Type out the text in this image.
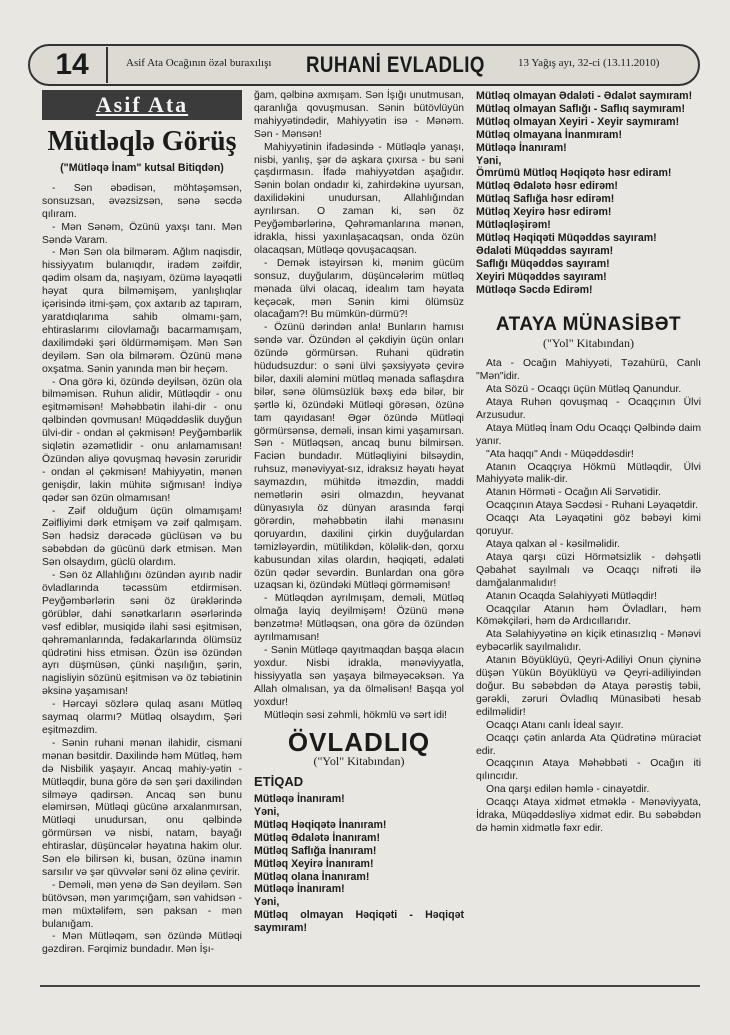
14	Asif Ata Ocağının özəl buraxılışı RUHANİ EVLADLIQ	13 Yağış ayı, 32-ci (13.11.2010)
Asif Ata
Mütləqlə Görüş
("Mütləqə İnam" kutsal Bitiqdən)

- Sən əbədisən, möhtəşəmsən, sonsuzsan, əvəzsizsən, sənə səcdə qılıram.

- Mən Sənəm, Özünü yaxşı tanı. Mən Səndə Varam.

- Mən Sən ola bilmərəm. Ağlım naqisdir, hissiyyatım bulanıqdır, iradəm zəifdir, qədim olsam da, naşıyam, özümə layəqətli həyat qura bilməmişəm, yanlışlıqlar içərisində itmi-şəm, çox axtarıb az tapıram, yaratdıqlarıma sahib olmamı-şam, ehtiraslarımı cilovlamağı bacarmamışam, daxilimdəki şəri öldürməmişəm. Mən Sən deyiləm. Sən ola bilmərəm. Özünü mənə oxşatma. Sənin yanında mən bir heçəm.

- Ona görə ki, özündə deyilsən, özün ola bilməmisən. Ruhun alidir, Mütləqdir - onu eşitməmisən! Məhəbbətin ilahi-dir - onu qəlbindən qovmusan! Müqəddəslik duyğun ülvi-dir - ondan əl çəkmisən! Peyğəmbərlik siqlətin əzəmətlidir - onu anlamamısan! Özündən aliyə qovuşmaq həvəsin zəruridir - ondan əl çəkmisən! Mahiyyətin, mənən genişdir, lakin mühitə sığmısan! İndiyə qədər sən özün olmamısan!

- Zəif olduğum üçün olmamışam! Zəifliyimi dərk etmişəm və zəif qalmışam. Sən hədsiz dərəcədə güclüsən və bu səbəbdən də gücünü dərk etmisən. Mən Sən olsaydım, güclü olardım.

- Sən öz Allahlığını özündən ayırıb nadir övladlarında təcəssüm etdirmisən. Peyğəmbərlərin səni öz ürəklərində görüblər, dahi sənətkarların əsərlərində vəsf ediblər, musiqidə ilahi səsi eşitmisən, qəhrəmanlarında, fədakarlarında ölümsüz qüdrətini hiss etmisən. Özün isə özündən ayrı düşmüsən, çünki naşılığın, şərin, nagisliyin sözünü eşitmisən və öz təbiətinin əksinə yaşamısan!

- Hərcayi sözlərə qulaq asanı Mütləq saymaq olarmı? Mütləq olsaydım, Şəri eşitməzdim.

- Sənin ruhani mənan ilahidir, cismani mənan bəsitdir. Daxilində həm Mütləq, həm də Nisbilik yaşayır. Ancaq mahiy-yətin - Mütləqdir, buna görə də sən şəri daxilindən silməyə qadirsən. Ancaq sən bunu eləmirsən, Mütləqi gücünə arxalanmırsan, Mütləqi unudursan, onu qəlbində görmürsən və nisbi, natam, bayağı ehtiraslar, düşüncələr həyatına hakim olur. Sən elə bilirsən ki, busan, özünə inamın sarsılır və şər qüvvələr səni öz əlinə çevirir.

- Deməli, mən yenə də Sən deyiləm. Sən bütövsən, mən yarımçığam, sən vahidsən - mən müxtəlifəm, sən paksan - mən bulanığam.

- Mən Mütləqəm, sən özündə Mütləqi gəzdirən. Fərqimiz bundadır. Mən İşı-

ğam, qəlbinə axmışam. Sən İşığı unutmusan, qaranlığa qovuşmusan. Sənin bütövlüyün mahiyyətindədir, Mahiyyətin isə - Mənəm. Sən - Mənsən!

Mahiyyətinin ifadəsində - Mütləqlə yanaşı, nisbi, yanlış, şər də aşkara çıxırsa - bu səni çaşdırmasın. İfadə mahiyyətdən aşağıdır. Sənin bolan ondadır ki, zahirdəkinə uyursan, daxilidəkini unudursan, Allahlığından ayrılırsan. O zaman ki, sən öz Peyğəmbərlərinə, Qəhrəmanlarına mənən, idrakla, hissi yaxınlaşacaqsan, onda özün olacaqsan, Mütləqə qovuşacaqsan.

- Demək istəyirsən ki, mənim gücüm sonsuz, duyğularım, düşüncələrim mütləq mənada ülvi olacaq, idealım tam həyata keçəcək, mən Sənin kimi ölümsüz olacağam?! Bu mümkün-dürmü?!

- Özünü dərindən anla! Bunların hamısı səndə var. Özündən əl çəkdiyin üçün onları özündə görmürsən. Ruhani qüdrətin hüdudsuzdur: o səni ülvi şəxsiyyətə çevirə bilər, daxili aləmini mütləq mənada saflaşdıra bilər, sənə ölümsüzlük bəxş edə bilər, bir şərtlə ki, özündəki Mütləqi görəsən, özünə tam qayıdasan! Əgər özündə Mütləqi görmürsənsə, deməli, insan kimi yaşamırsan. Sən - Mütləqsən, ancaq bunu bilmirsən. Faciən bundadır. Mütləqliyini bilsəydin, ruhsuz, mənəviyyat-sız, idraksız həyatı həyat saymazdın, mühitdə itməzdin, maddi nemətlərin əsiri olmazdın, heyvanat dünyasıyla öz dünyan arasında fərqi görərdin, məhəbbətin ilahi mənasını qoruyardın, daxilini çirkin duyğulardan təmizləyərdin, mütilikdən, köləlik-dən, qorxu kabusundan xilas olardın, həqiqəti, ədaləti özün qədər sevərdin. Bunlardan ona görə uzaqsan ki, özündəki Mütləqi görməmisən!

- Mütləqdən ayrılmışam, deməli, Mütləq olmağa layiq deyilmişəm! Özünü mənə bənzətmə! Mütləqsən, ona görə də özündən ayrılmamısan!

- Sənin Mütləqə qayıtmaqdan başqa əlacın yoxdur. Nisbi idrakla, mənəviyyatla, hissiyyatla sən yaşaya bilməyəcəksən. Ya Allah olmalısan, ya da ölməlisən! Başqa yol yoxdur!

Mütləqin səsi zəhmli, hökmlü və sərt idi!

ÖVLADLIQ
("Yol" Kitabından)
ETİQAD
Mütləqə İnanıram!
Yəni,
Mütləq Həqiqətə İnanıram!
Mütləq Ədalətə İnanıram!
Mütləq Saflığa İnanıram!
Mütləq Xeyirə İnanıram!
Mütləq olana İnanıram!
Mütləqə İnanıram!
Yəni,
Mütləq olmayan Həqiqəti - Həqiqət saymıram!
Mütləq olmayan Ədaləti - Ədalət saymıram!
Mütləq olmayan Saflığı - Saflıq saymıram!
Mütləq olmayan Xeyiri - Xeyir saymıram!
Mütləq olmayana İnanmıram!
Mütləqə İnanıram!
Yəni,
Ömrümü Mütləq Həqiqətə həsr ediram!
Mütləq Ədalətə həsr edirəm!
Mütləq Saflığa həsr edirəm!
Mütləq Xeyirə həsr edirəm!
Mütləqləşirəm!
Mütləq Həqiqəti Müqəddəs sayıram!
Ədaləti Müqəddəs sayıram!
Saflığı Müqəddəs sayıram!
Xeyiri Müqəddəs sayıram!
Mütləqə Səcdə Edirəm!
ATAYA MÜNASİBƏT
("Yol" Kitabından)

Ata - Ocağın Mahiyyəti, Təzahürü, Canlı "Mən"idir.

Ata Sözü - Ocaqçı üçün Mütləq Qanundur.

Ataya Ruhən qovuşmaq - Ocaqçının Ülvi Arzusudur.

Ataya Mütləq İnam Odu Ocaqçı Qəlbində daim yanır.

"Ata haqqı" Andı - Müqəddəsdir!

Atanın Ocaqçıya Hökmü Mütləqdir, Ülvi Mahiyyətə malik-dir.

Atanın Hörməti - Ocağın Ali Sərvətidir.

Ocaqçının Ataya Səcdəsi - Ruhani Ləyaqətdir.

Ocaqçı Ata Ləyaqətini göz bəbəyi kimi qoruyur.

Ataya qalxan əl - kəsilməlidir.

Ataya qarşı cüzi Hörmətsizlik - dəhşətli Qəbahət sayılmalı və Ocaqçı nifrəti ilə damğalanmalıdır!

Atanın Ocaqda Səlahiyyəti Mütləqdir!

Ocaqçılar Atanın həm Övladları, həm Köməkçiləri, həm də Ardıcıllarıdır.

Ata Səlahiyyətinə ən kiçik etinasızlıq - Mənəvi eybəcərlik sayılmalıdır.

Atanın Böyüklüyü, Qeyri-Adiliyi Onun çiyninə düşən Yükün Böyüklüyü və Qeyri-adiliyindən doğur. Bu səbəbdən də Ataya pərəstiş təbii, gərəkli, zəruri Övladlıq Münasibəti hesab edilməlidir!

Ocaqçı Atanı canlı İdeal sayır.

Ocaqçı çətin anlarda Ata Qüdrətinə müraciət edir.

Ocaqçının Ataya Məhəbbəti - Ocağın iti qılıncıdır.

Ona qarşı edilən həmlə - cinayətdir.

Ocaqçı Ataya xidmət etməklə - Mənəviyyata, İdraka, Müqəddəsliyə xidmət edir. Bu səbəbdən də həmin xidmətlə fəxr edir.
